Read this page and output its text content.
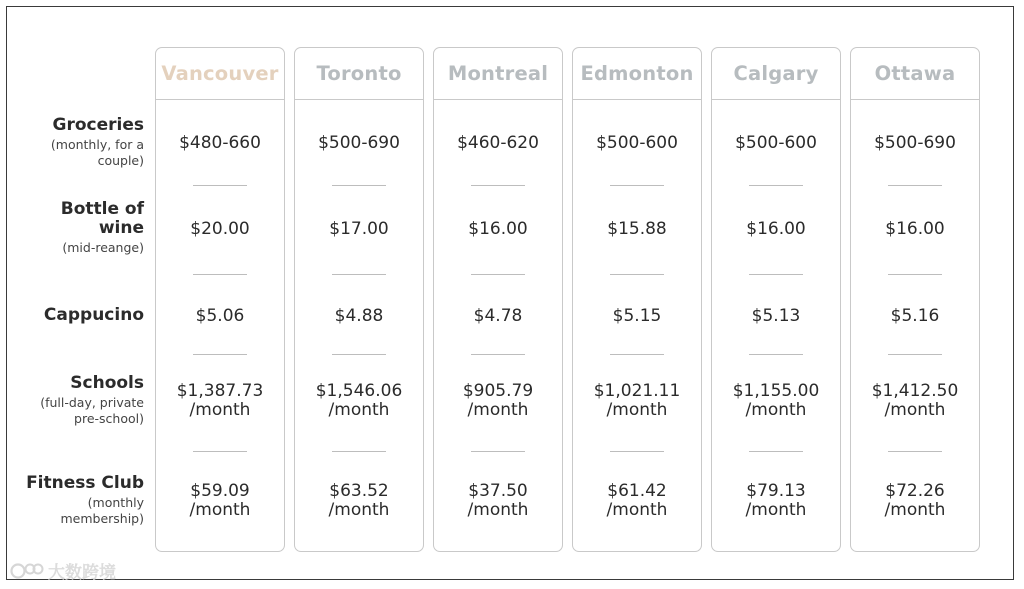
Groceries
(monthly, for a couple)
Bottle of wine
(mid-reange)
Cappucino
Schools
(full-day, private pre-school)
Fitness Club
(monthly membership)
Vancouver
$480-660
$20.00
$5.06
$1,387.73
/month
$59.09
/month
Toronto
$500-690
$17.00
$4.88
$1,546.06
/month
$63.52
/month
Montreal
$460-620
$16.00
$4.78
$905.79
/month
$37.50
/month
Edmonton
$500-600
$15.88
$5.15
$1,021.11
/month
$61.42
/month
Calgary
$500-600
$16.00
$5.13
$1,155.00
/month
$79.13
/month
Ottawa
$500-690
$16.00
$5.16
$1,412.50
/month
$72.26
/month
大数跨境
